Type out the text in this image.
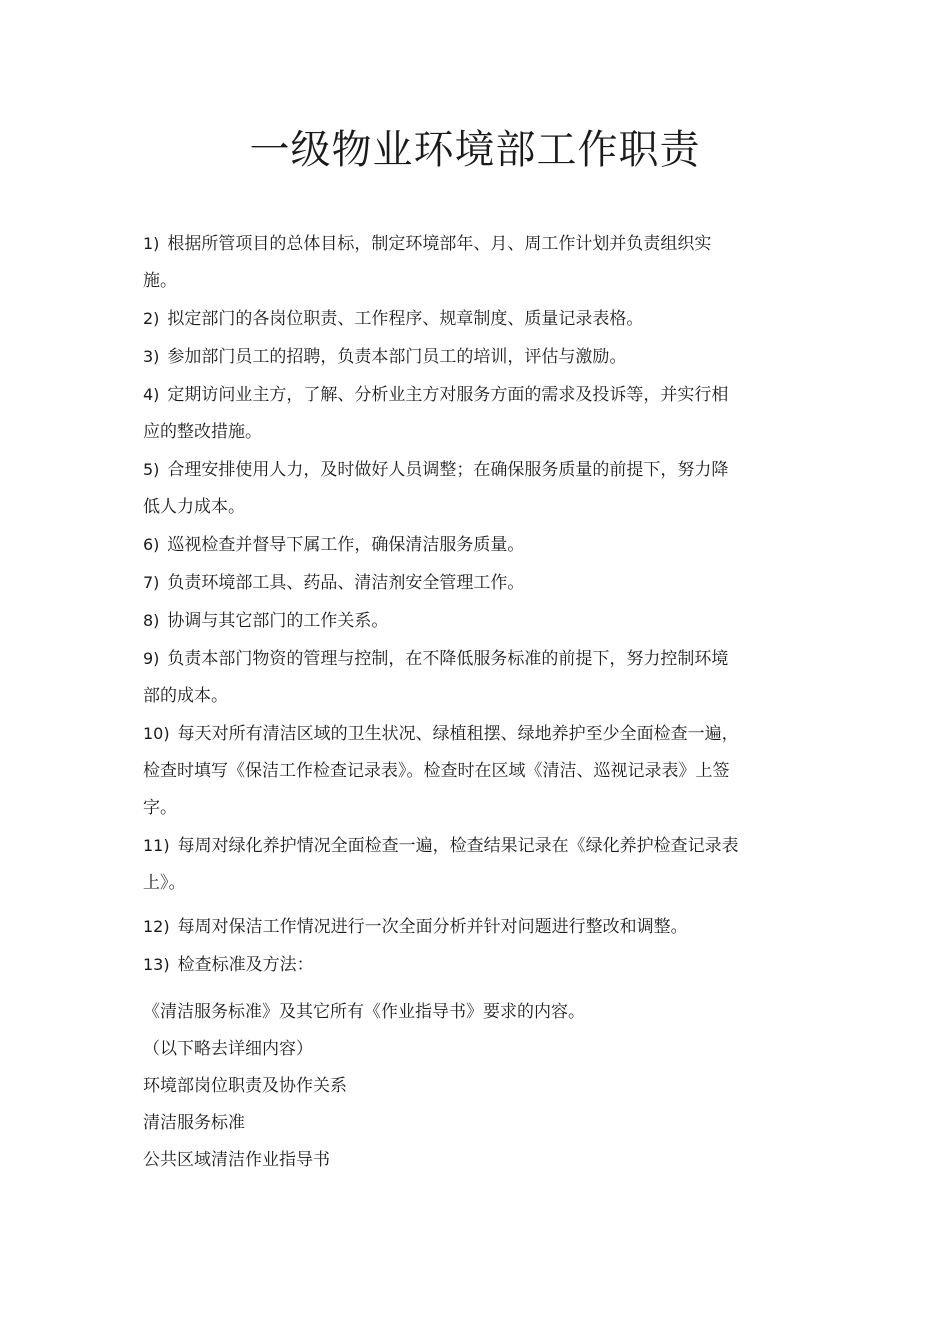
一级物业环境部工作职责

1) 根据所管项目的总体目标，制定环境部年、月、周工作计划并负责组织实

施。

2) 拟定部门的各岗位职责、工作程序、规章制度、质量记录表格。

3) 参加部门员工的招聘，负责本部门员工的培训，评估与激励。

4) 定期访问业主方，了解、分析业主方对服务方面的需求及投诉等，并实行相

应的整改措施。

5) 合理安排使用人力，及时做好人员调整；在确保服务质量的前提下，努力降

低人力成本。

6) 巡视检查并督导下属工作，确保清洁服务质量。

7) 负责环境部工具、药品、清洁剂安全管理工作。

8) 协调与其它部门的工作关系。

9) 负责本部门物资的管理与控制，在不降低服务标准的前提下，努力控制环境

部的成本。

10) 每天对所有清洁区域的卫生状况、绿植租摆、绿地养护至少全面检查一遍，

检查时填写《保洁工作检查记录表》。检查时在区域《清洁、巡视记录表》上签

字。

11) 每周对绿化养护情况全面检查一遍，检查结果记录在《绿化养护检查记录表

上》。

12) 每周对保洁工作情况进行一次全面分析并针对问题进行整改和调整。

13) 检查标准及方法：

《清洁服务标准》及其它所有《作业指导书》要求的内容。

（以下略去详细内容）

环境部岗位职责及协作关系

清洁服务标准

公共区域清洁作业指导书
